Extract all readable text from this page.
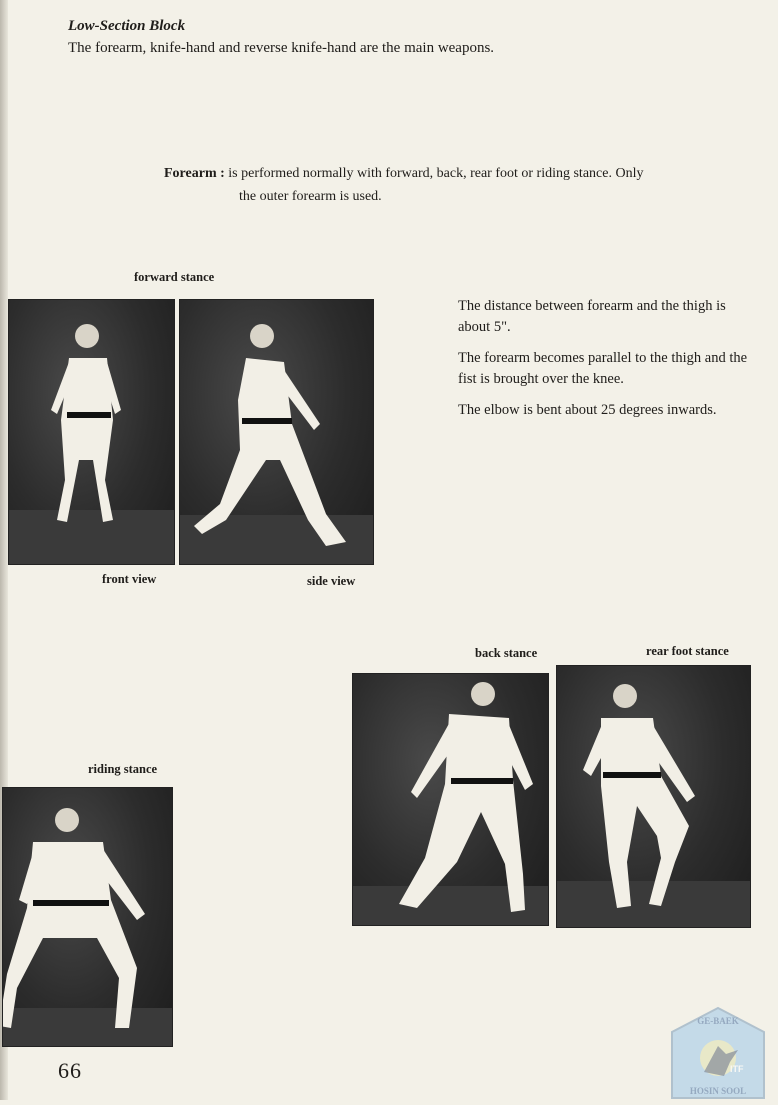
Low-Section Block
The forearm, knife-hand and reverse knife-hand are the main weapons.
Forearm : is performed normally with forward, back, rear foot or riding stance. Only
the outer forearm is used.
forward stance
front view	side view

The distance between forearm and the thigh is about 5".

The forearm becomes parallel to the thigh and the fist is brought over the knee.

The elbow is bent about 25 degrees inwards.

back stance	rear foot stance
riding stance
66
GE-BAEK
ITF
HOSIN SOOL
